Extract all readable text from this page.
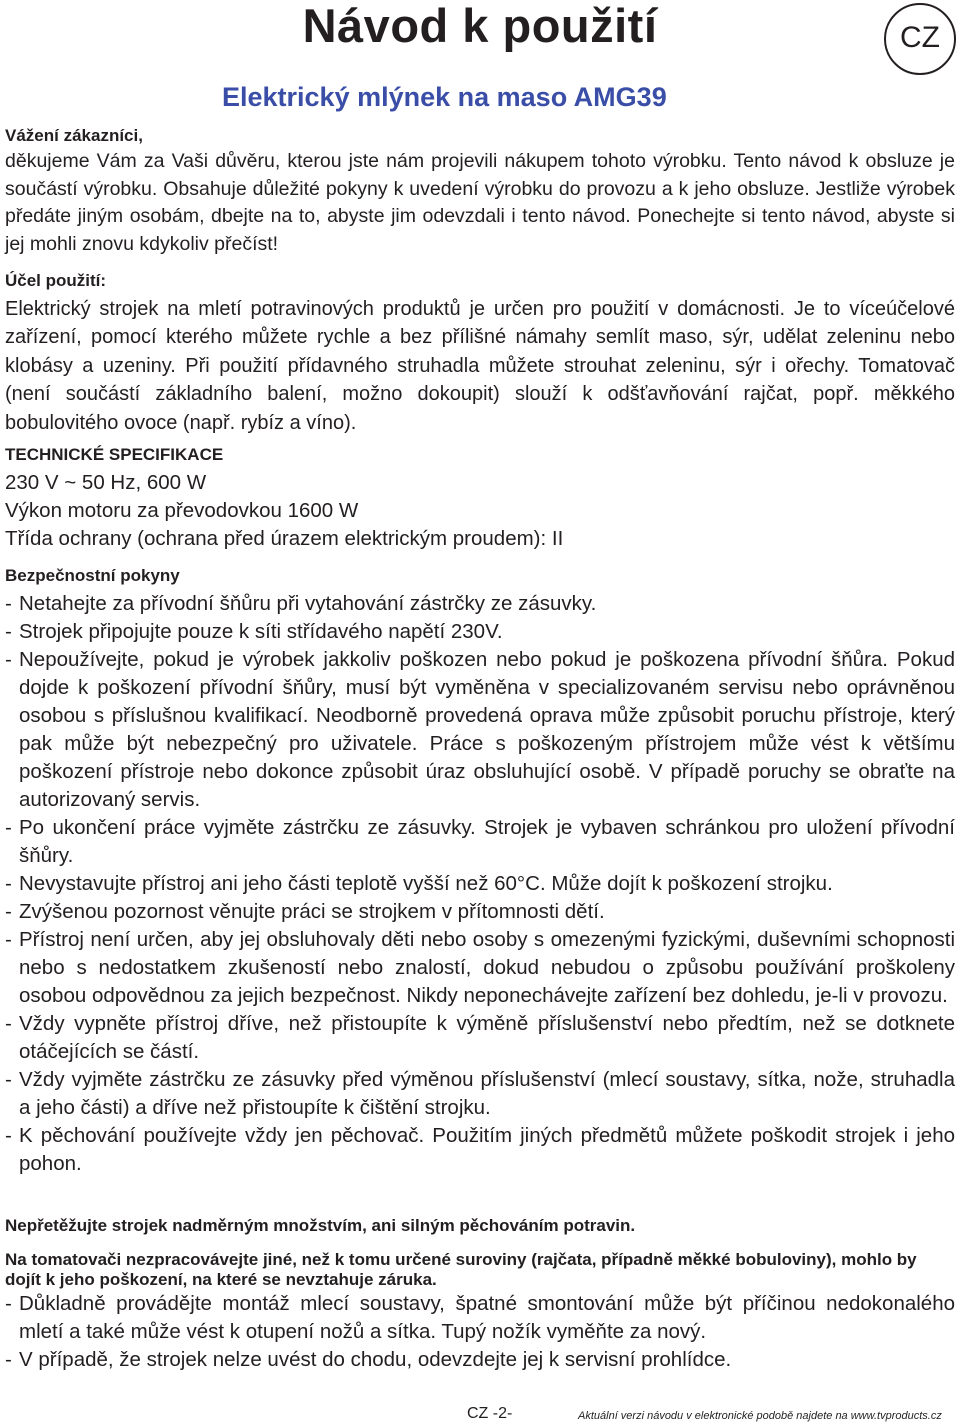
Návod k použití	CZ
Elektrický mlýnek na maso AMG39

Vážení zákazníci,

děkujeme Vám za Vaši důvěru, kterou jste nám projevili nákupem tohoto výrobku. Tento návod k obsluze je součástí výrobku. Obsahuje důležité pokyny k uvedení výrobku do provozu a k jeho obsluze. Jestliže výrobek předáte jiným osobám, dbejte na to, abyste jim odevzdali i tento návod. Ponechejte si tento návod, abyste si jej mohli znovu kdykoliv přečíst!

Účel použití:

Elektrický strojek na mletí potravinových produktů je určen pro použití v domácnosti. Je to víceúčelové zařízení, pomocí kterého můžete rychle a bez přílišné námahy semlít maso, sýr, udělat zeleninu nebo klobásy a uzeniny. Při použití přídavného struhadla můžete strouhat zeleninu, sýr i ořechy. Tomatovač (není součástí základního balení, možno dokoupit) slouží k odšťavňování rajčat, popř. měkkého bobulovitého ovoce (např. rybíz a víno).

TECHNICKÉ SPECIFIKACE

230 V ~ 50 Hz, 600 W

Výkon motoru za převodovkou 1600 W

Třída ochrany (ochrana před úrazem elektrickým proudem): II

Bezpečnostní pokyny

- Netahejte za přívodní šňůru při vytahování zástrčky ze zásuvky.
- Strojek připojujte pouze k síti střídavého napětí 230V.
- Nepoužívejte, pokud je výrobek jakkoliv poškozen nebo pokud je poškozena přívodní šňůra. Pokud dojde k poškození přívodní šňůry, musí být vyměněna v specializovaném servisu nebo oprávněnou osobou s příslušnou kvalifikací. Neodborně provedená oprava může způsobit poruchu přístroje, který pak může být nebezpečný pro uživatele. Práce s poškozeným přístrojem může vést k většímu poškození přístroje nebo dokonce způsobit úraz obsluhující osobě. V případě poruchy se obraťte na autorizovaný servis.
- Po ukončení práce vyjměte zástrčku ze zásuvky. Strojek je vybaven schránkou pro uložení přívodní šňůry.
- Nevystavujte přístroj ani jeho části teplotě vyšší než 60°C. Může dojít k poškození strojku.
- Zvýšenou pozornost věnujte práci se strojkem v přítomnosti dětí.
- Přístroj není určen, aby jej obsluhovaly děti nebo osoby s omezenými fyzickými, duševními schopnosti nebo s nedostatkem zkušeností nebo znalostí, dokud nebudou o způsobu používání proškoleny osobou odpovědnou za jejich bezpečnost. Nikdy neponechávejte zařízení bez dohledu, je-li v provozu.
- Vždy vypněte přístroj dříve, než přistoupíte k výměně příslušenství nebo předtím, než se dotknete otáčejících se částí.
- Vždy vyjměte zástrčku ze zásuvky před výměnou příslušenství (mlecí soustavy, sítka, nože, struhadla a jeho části) a dříve než přistoupíte k čištění strojku.
- K pěchování používejte vždy jen pěchovač. Použitím jiných předmětů můžete poškodit strojek i jeho pohon.

Nepřetěžujte strojek nadměrným množstvím, ani silným pěchováním potravin.

Na tomatovači nezpracovávejte jiné, než k tomu určené suroviny (rajčata, případně měkké bobuloviny), mohlo by dojít k jeho poškození, na které se nevztahuje záruka.

- Důkladně provádějte montáž mlecí soustavy, špatné smontování může být příčinou nedokonalého mletí a také může vést k otupení nožů a sítka. Tupý nožík vyměňte za nový.
- V případě, že strojek nelze uvést do chodu, odevzdejte jej k servisní prohlídce.
CZ -2-	Aktuální verzi návodu v elektronické podobě najdete na www.tvproducts.cz
